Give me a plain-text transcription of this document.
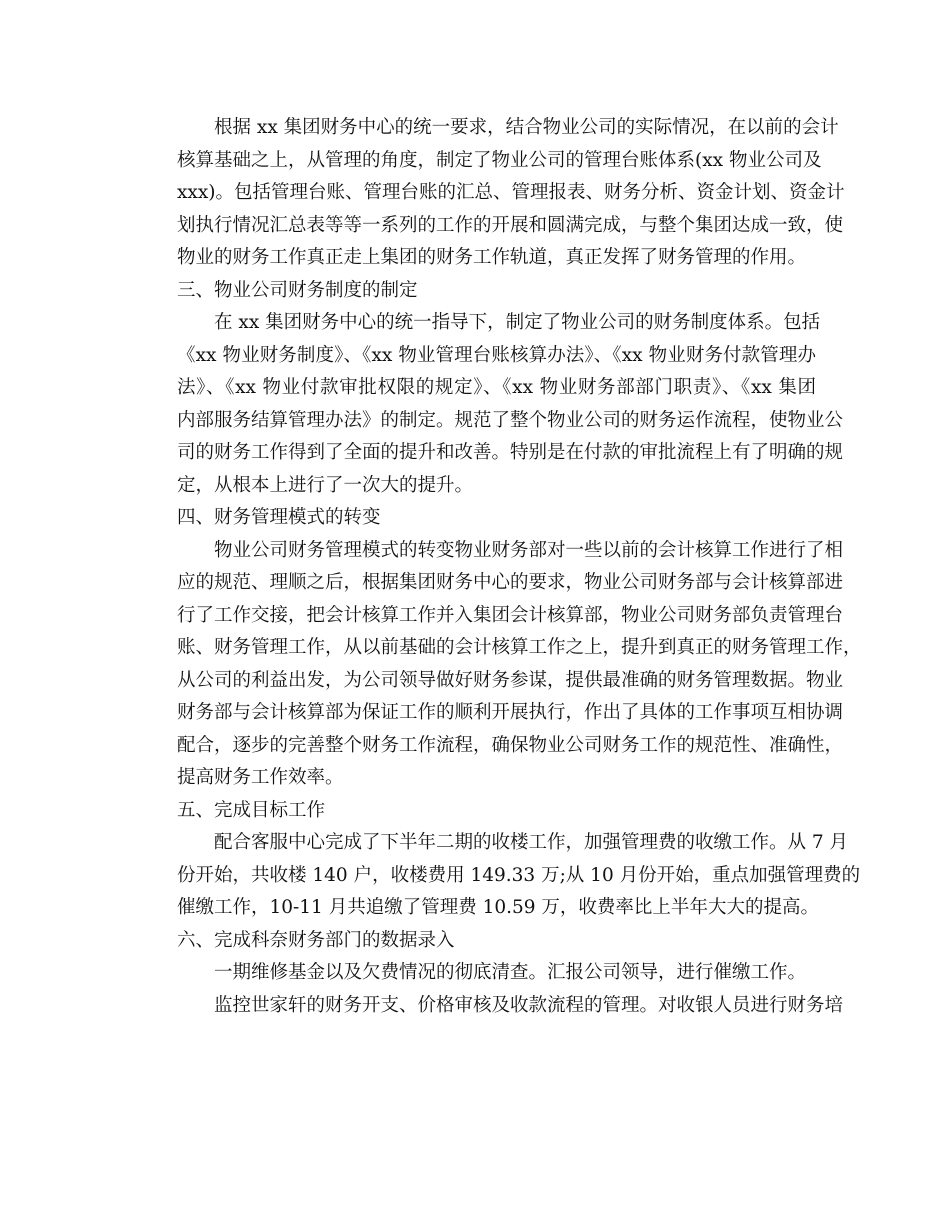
根据 xx 集团财务中心的统一要求，结合物业公司的实际情况，在以前的会计
核算基础之上，从管理的角度，制定了物业公司的管理台账体系(xx 物业公司及
xxx)。包括管理台账、管理台账的汇总、管理报表、财务分析、资金计划、资金计
划执行情况汇总表等等一系列的工作的开展和圆满完成，与整个集团达成一致，使
物业的财务工作真正走上集团的财务工作轨道，真正发挥了财务管理的作用。
三、物业公司财务制度的制定
在 xx 集团财务中心的统一指导下，制定了物业公司的财务制度体系。包括
《xx 物业财务制度》、《xx 物业管理台账核算办法》、《xx 物业财务付款管理办
法》、《xx 物业付款审批权限的规定》、《xx 物业财务部部门职责》、《xx 集团
内部服务结算管理办法》的制定。规范了整个物业公司的财务运作流程，使物业公
司的财务工作得到了全面的提升和改善。特别是在付款的审批流程上有了明确的规
定，从根本上进行了一次大的提升。
四、财务管理模式的转变
物业公司财务管理模式的转变物业财务部对一些以前的会计核算工作进行了相
应的规范、理顺之后，根据集团财务中心的要求，物业公司财务部与会计核算部进
行了工作交接，把会计核算工作并入集团会计核算部，物业公司财务部负责管理台
账、财务管理工作，从以前基础的会计核算工作之上，提升到真正的财务管理工作，
从公司的利益出发，为公司领导做好财务参谋，提供最准确的财务管理数据。物业
财务部与会计核算部为保证工作的顺利开展执行，作出了具体的工作事项互相协调
配合，逐步的完善整个财务工作流程，确保物业公司财务工作的规范性、准确性，
提高财务工作效率。
五、完成目标工作
配合客服中心完成了下半年二期的收楼工作，加强管理费的收缴工作。从 7 月
份开始，共收楼 140 户，收楼费用 149.33 万;从 10 月份开始，重点加强管理费的
催缴工作，10-11 月共追缴了管理费 10.59 万，收费率比上半年大大的提高。
六、完成科奈财务部门的数据录入
一期维修基金以及欠费情况的彻底清查。汇报公司领导，进行催缴工作。
监控世家轩的财务开支、价格审核及收款流程的管理。对收银人员进行财务培
